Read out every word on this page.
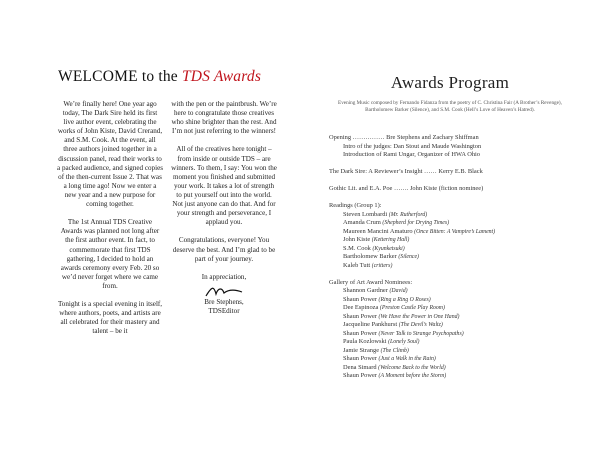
WELCOME to the TDS Awards

We’re finally here! One year ago today, The Dark Sire held its first live author event, celebrating the works of John Kiste, David Crerand, and S.M. Cook. At the event, all three authors joined together in a discussion panel, read their works to a packed audience, and signed copies of the then-current Issue 2. That was a long time ago! Now we enter a new year and a new purpose for coming together.

The 1st Annual TDS Creative Awards was planned not long after the first author event. In fact, to commemorate that first TDS gathering, I decided to hold an awards ceremony every Feb. 20 so we’d never forget where we came from.

Tonight is a special evening in itself, where authors, poets, and artists are all celebrated for their mastery and talent – be it

with the pen or the paintbrush. We’re here to congratulate those creatives who shine brighter than the rest. And I’m not just referring to the winners!

All of the creatives here tonight – from inside or outside TDS – are winners. To them, I say: You won the moment you finished and submitted your work. It takes a lot of strength to put yourself out into the world. Not just anyone can do that. And for your strength and perseverance, I applaud you.

Congratulations, everyone! You deserve the best. And I’m glad to be part of your journey.

In appreciation,

Bre Stephens,
TDSEditor
Awards Program
Evening Music composed by Fernando Fidanza from the poetry of C. Christina Fair (A Brother’s Revenge), Bartholomew Barker (Silence), and S.M. Cook (Hell’s Love of Heaven’s Hatred).
Opening …………… Bre Stephens and Zachary Shiffman
Intro of the judges: Dan Stout and Maude Washington
Introduction of Rami Ungar, Organizer of HWA Ohio
The Dark Sire: A Reviewer’s Insight …… Kerry E.B. Black
Gothic Lit. and E.A. Poe ……. John Kiste (fiction nominee)
Readings (Group 1):
Steven Lombardi (Mr. Rutherford)
Amanda Crum (Shepherd for Drying Times)
Maureen Mancini Amaturo (Once Bitten: A Vampire’s Lament)
John Kiste (Kettering Hall)
S.M. Cook (Kyunketsuki)
Bartholomew Barker (Silence)
Kaleb Tutt (critters)
Gallery of Art Award Nominees:
Shannon Gardner (David)
Shaun Power (Ring a Ring O Roses)
Dee Espinoza (Preston Castle Play Room)
Shaun Power (We Have the Power in One Hand)
Jacqueline Pankhurst (The Devil’s Waltz)
Shaun Power (Never Talk to Strange Psychopaths)
Paula Kozlowski (Lonely Soul)
Jamie Strange (The Climb)
Shaun Power (Just a Walk in the Rain)
Dena Simard (Welcome Back to the World)
Shaun Power (A Moment before the Storm)
